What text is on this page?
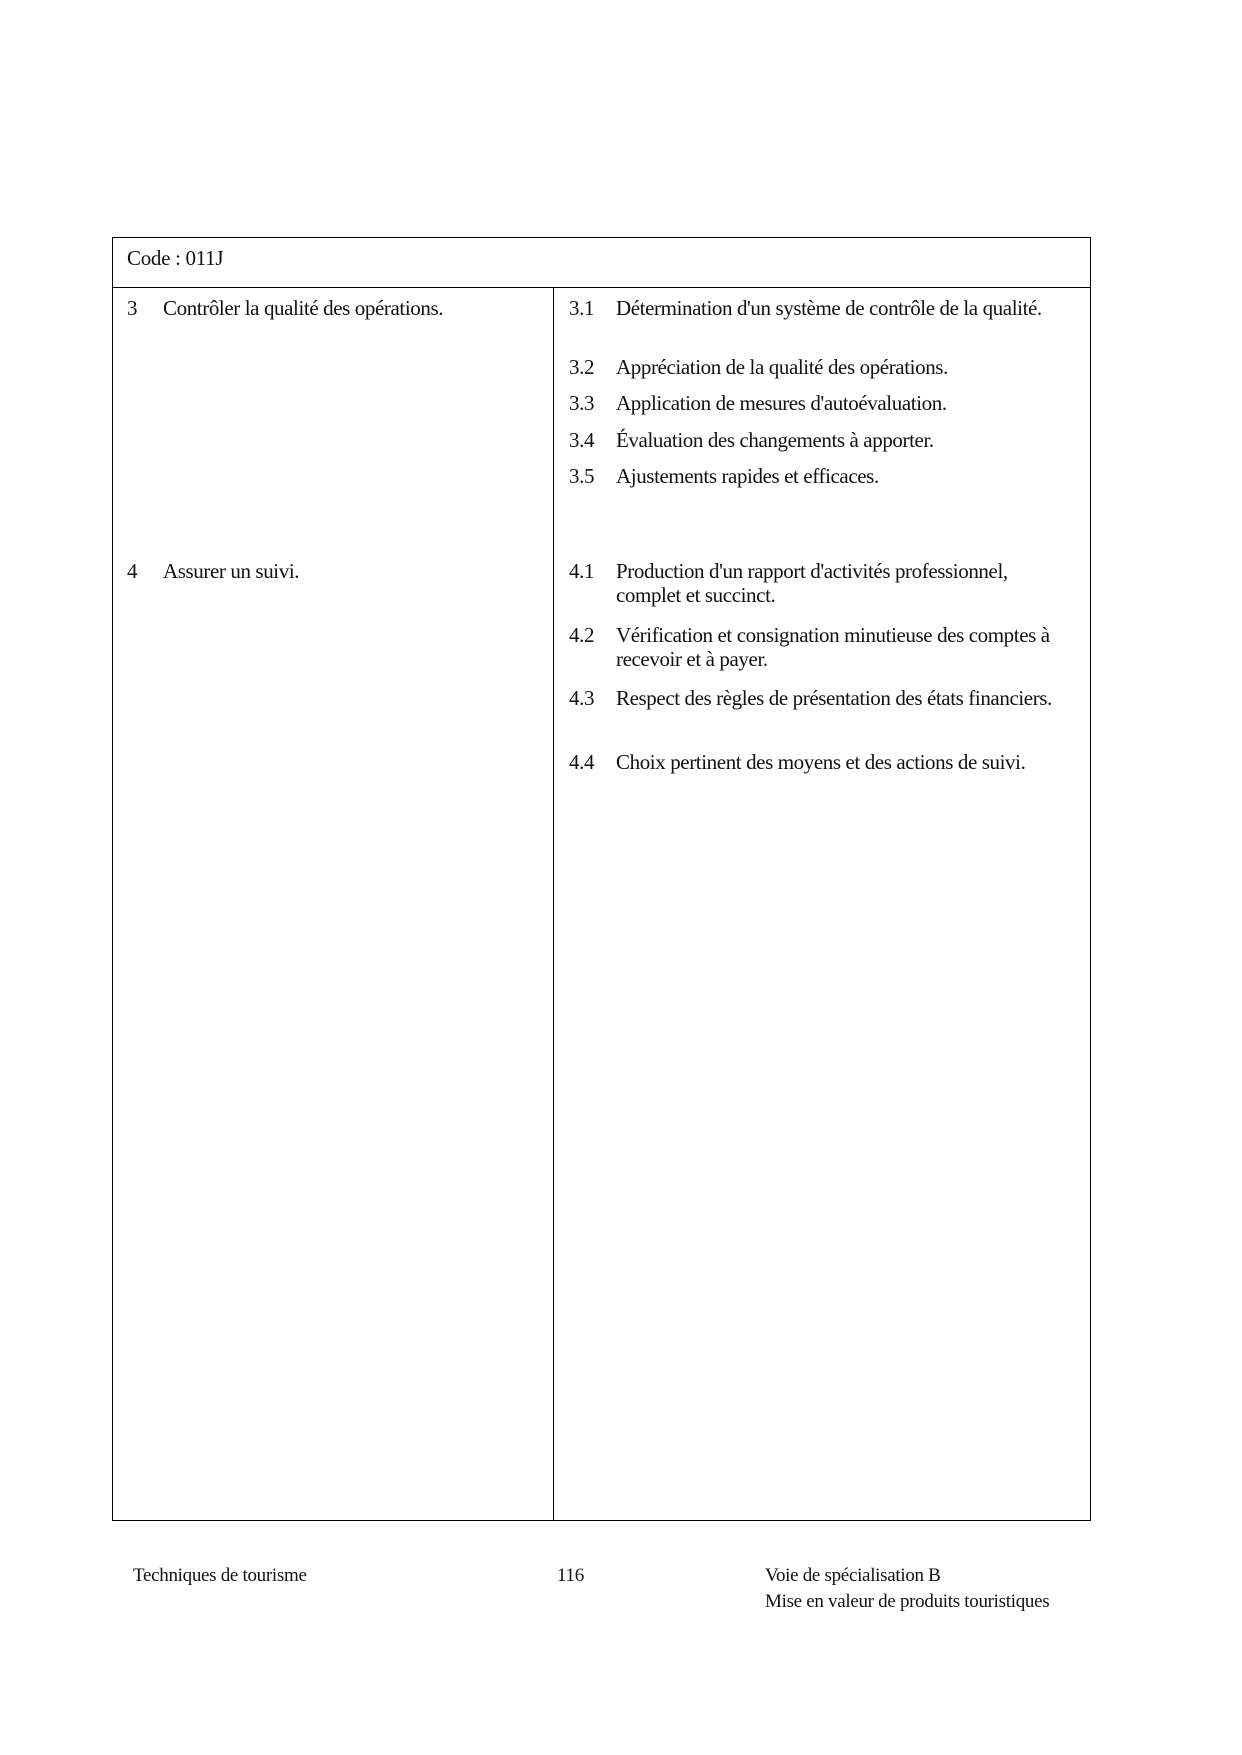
Code : 011J
3 Contrôler la qualité des opérations.	3.1 Détermination d'un système de contrôle de la qualité.
3.2 Appréciation de la qualité des opérations.
3.3 Application de mesures d'autoévaluation.
3.4 Évaluation des changements à apporter.
3.5 Ajustements rapides et efficaces.
4 Assurer un suivi.	4.1 Production d'un rapport d'activités professionnel, complet et succinct.
4.2 Vérification et consignation minutieuse des comptes à recevoir et à payer.
4.3 Respect des règles de présentation des états financiers.
4.4 Choix pertinent des moyens et des actions de suivi.
Techniques de tourisme	116	Voie de spécialisation B
Mise en valeur de produits touristiques
